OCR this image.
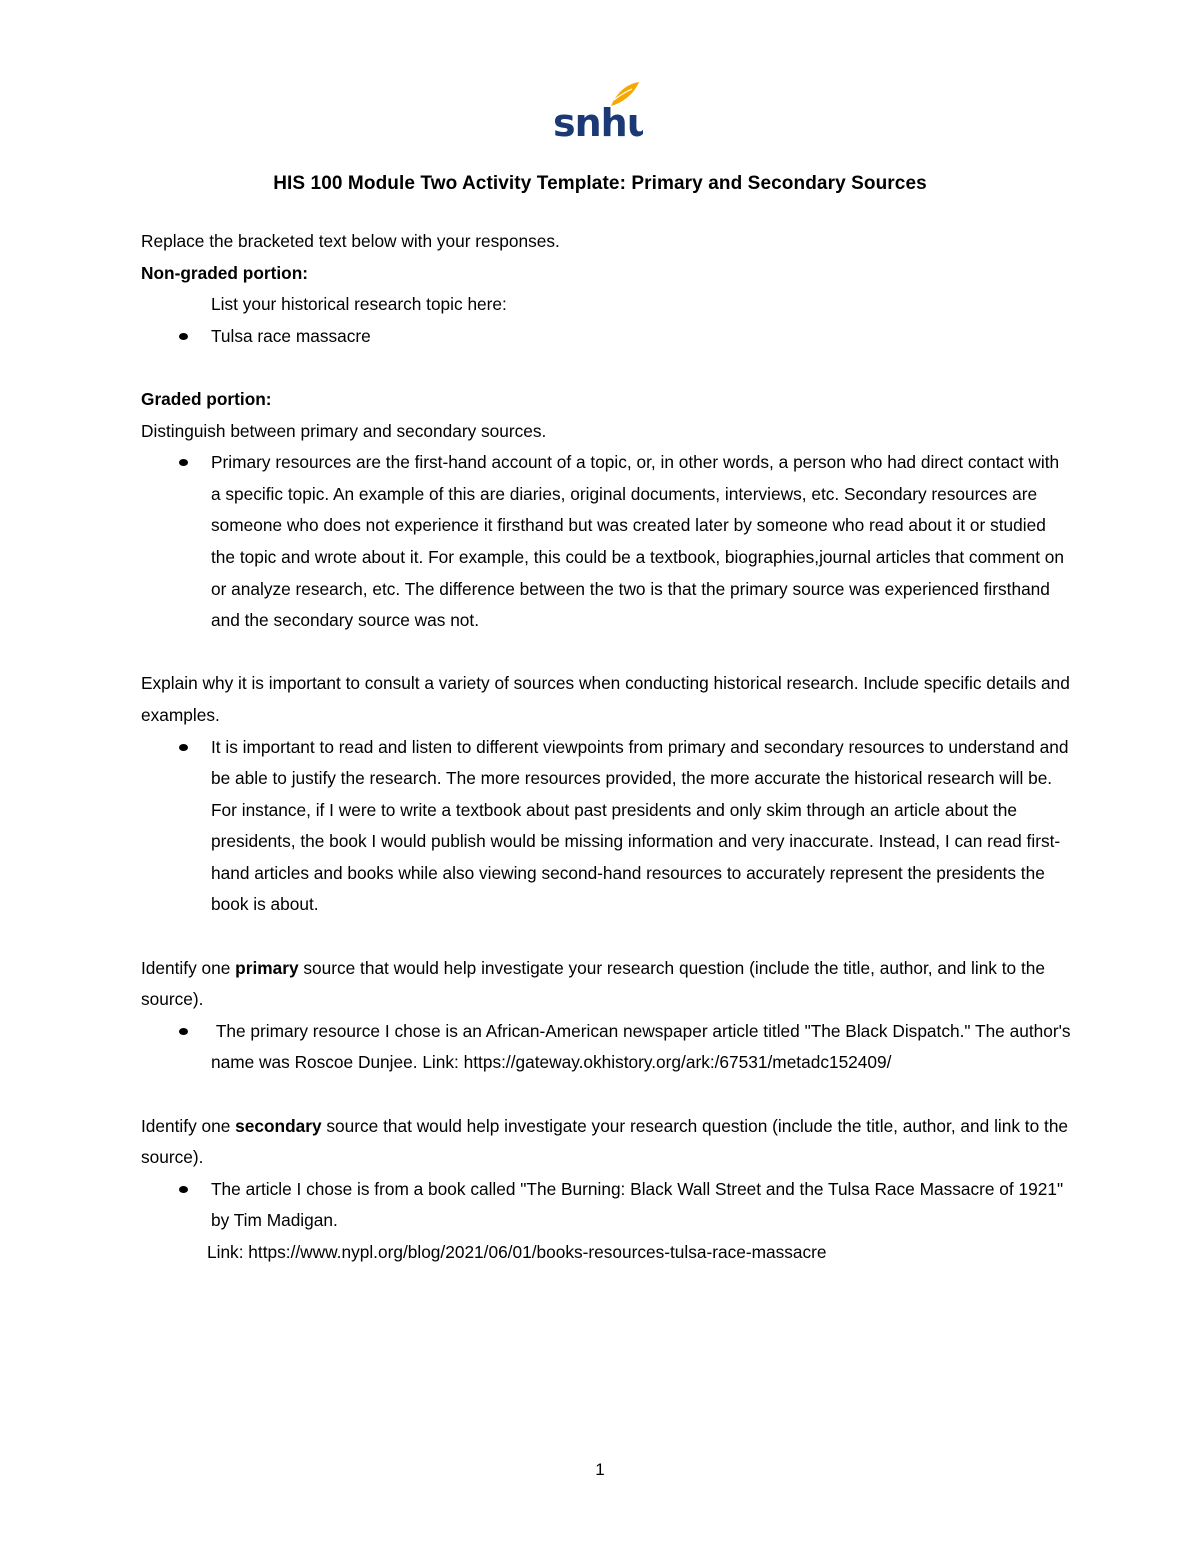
snhu
HIS 100 Module Two Activity Template: Primary and Secondary Sources

Replace the bracketed text below with your responses.

Non-graded portion:

List your historical research topic here:

Tulsa race massacre

Graded portion:

Distinguish between primary and secondary sources.

Primary resources are the first-hand account of a topic, or, in other words, a person who had direct contact with a specific topic. An example of this are diaries, original documents, interviews, etc. Secondary resources are someone who does not experience it firsthand but was created later by someone who read about it or studied the topic and wrote about it. For example, this could be a textbook, biographies,journal articles that comment on or analyze research, etc. The difference between the two is that the primary source was experienced firsthand and the secondary source was not.

Explain why it is important to consult a variety of sources when conducting historical research. Include specific details and examples.

It is important to read and listen to different viewpoints from primary and secondary resources to understand and be able to justify the research. The more resources provided, the more accurate the historical research will be. For instance, if I were to write a textbook about past presidents and only skim through an article about the presidents, the book I would publish would be missing information and very inaccurate. Instead, I can read first-hand articles and books while also viewing second-hand resources to accurately represent the presidents the book is about.

Identify one primary source that would help investigate your research question (include the title, author, and link to the source).

The primary resource I chose is an African-American newspaper article titled "The Black Dispatch." The author's name was Roscoe Dunjee. Link: https://gateway.okhistory.org/ark:/67531/metadc152409/

Identify one secondary source that would help investigate your research question (include the title, author, and link to the source).

The article I chose is from a book called "The Burning: Black Wall Street and the Tulsa Race Massacre of 1921" by Tim Madigan.

Link: https://www.nypl.org/blog/2021/06/01/books-resources-tulsa-race-massacre

1
